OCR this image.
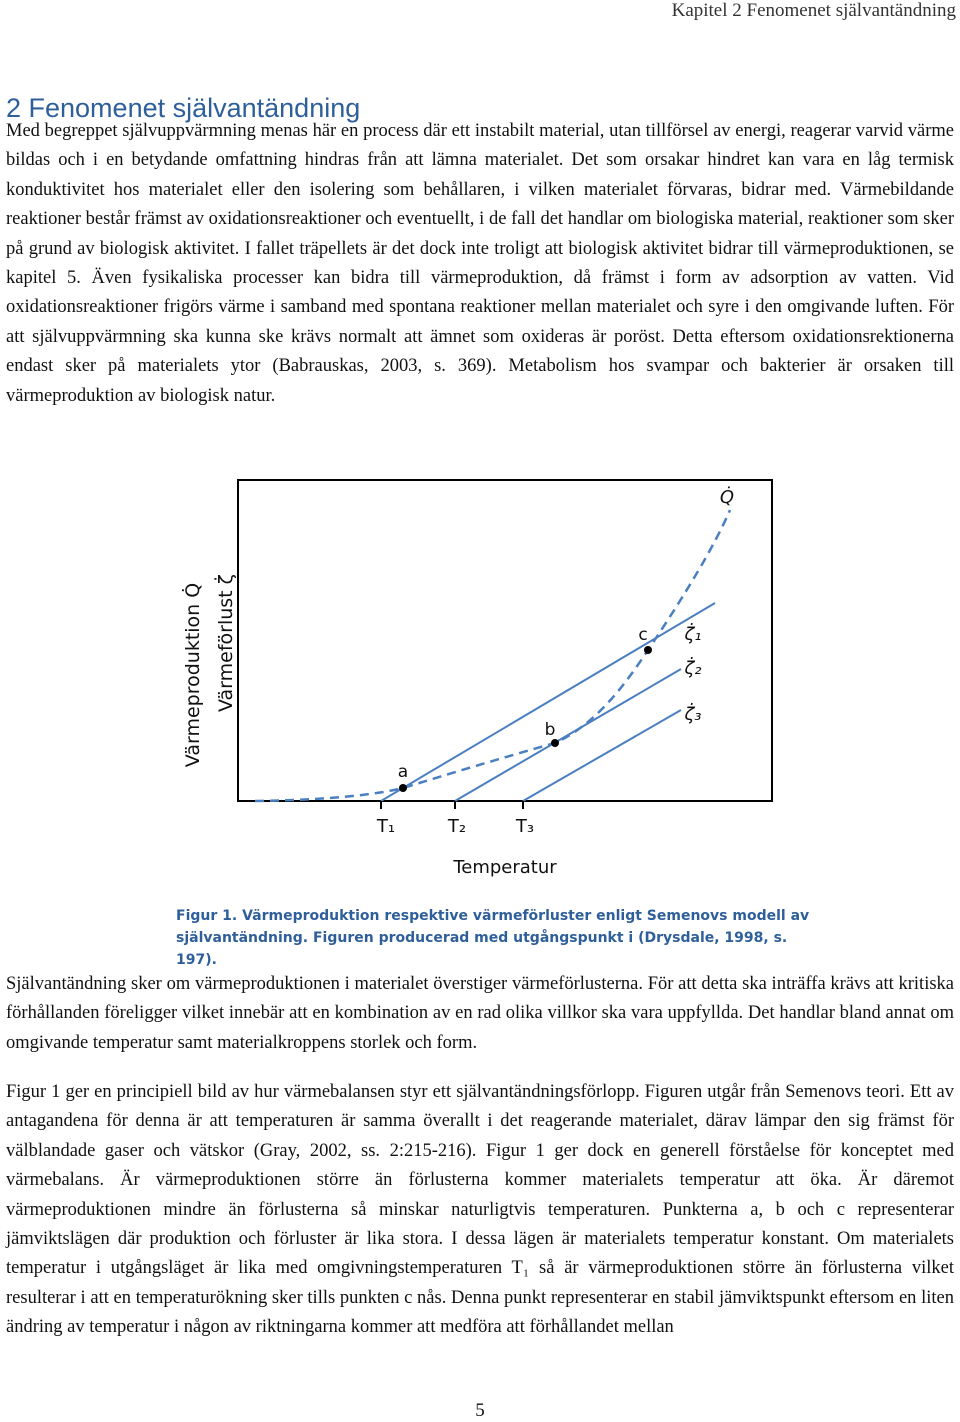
Kapitel 2 Fenomenet självantändning
2 Fenomenet självantändning

Med begreppet självuppvärmning menas här en process där ett instabilt material, utan tillförsel av energi, reagerar varvid värme bildas och i en betydande omfattning hindras från att lämna materialet. Det som orsakar hindret kan vara en låg termisk konduktivitet hos materialet eller den isolering som behållaren, i vilken materialet förvaras, bidrar med. Värmebildande reaktioner består främst av oxidationsreaktioner och eventuellt, i de fall det handlar om biologiska material, reaktioner som sker på grund av biologisk aktivitet. I fallet träpellets är det dock inte troligt att biologisk aktivitet bidrar till värmeproduktionen, se kapitel 5. Även fysikaliska processer kan bidra till värmeproduktion, då främst i form av adsorption av vatten. Vid oxidationsreaktioner frigörs värme i samband med spontana reaktioner mellan materialet och syre i den omgivande luften. För att självuppvärmning ska kunna ske krävs normalt att ämnet som oxideras är poröst. Detta eftersom oxidationsrektionerna endast sker på materialets ytor (Babrauskas, 2003, s. 369). Metabolism hos svampar och bakterier är orsaken till värmeproduktion av biologisk natur.

Värmeproduktion Q̇ Värmeförlust ζ̇
a
b
c
Q̇
ζ̇₁
ζ̇₂
ζ̇₃
T₁	T₂	T₃
Temperatur
Figur 1. Värmeproduktion respektive värmeförluster enligt Semenovs modell av självantändning. Figuren producerad med utgångspunkt i (Drysdale, 1998, s. 197).

Självantändning sker om värmeproduktionen i materialet överstiger värmeförlusterna. För att detta ska inträffa krävs att kritiska förhållanden föreligger vilket innebär att en kombination av en rad olika villkor ska vara uppfyllda. Det handlar bland annat om omgivande temperatur samt materialkroppens storlek och form.

Figur 1 ger en principiell bild av hur värmebalansen styr ett självantändningsförlopp. Figuren utgår från Semenovs teori. Ett av antagandena för denna är att temperaturen är samma överallt i det reagerande materialet, därav lämpar den sig främst för välblandade gaser och vätskor (Gray, 2002, ss. 2:215-216). Figur 1 ger dock en generell förståelse för konceptet med värmebalans. Är värmeproduktionen större än förlusterna kommer materialets temperatur att öka. Är däremot värmeproduktionen mindre än förlusterna så minskar naturligtvis temperaturen. Punkterna a, b och c representerar jämviktslägen där produktion och förluster är lika stora. I dessa lägen är materialets temperatur konstant. Om materialets temperatur i utgångsläget är lika med omgivningstemperaturen T₁ så är värmeproduktionen större än förlusterna vilket resulterar i att en temperaturökning sker tills punkten c nås. Denna punkt representerar en stabil jämviktspunkt eftersom en liten ändring av temperatur i någon av riktningarna kommer att medföra att förhållandet mellan

5
